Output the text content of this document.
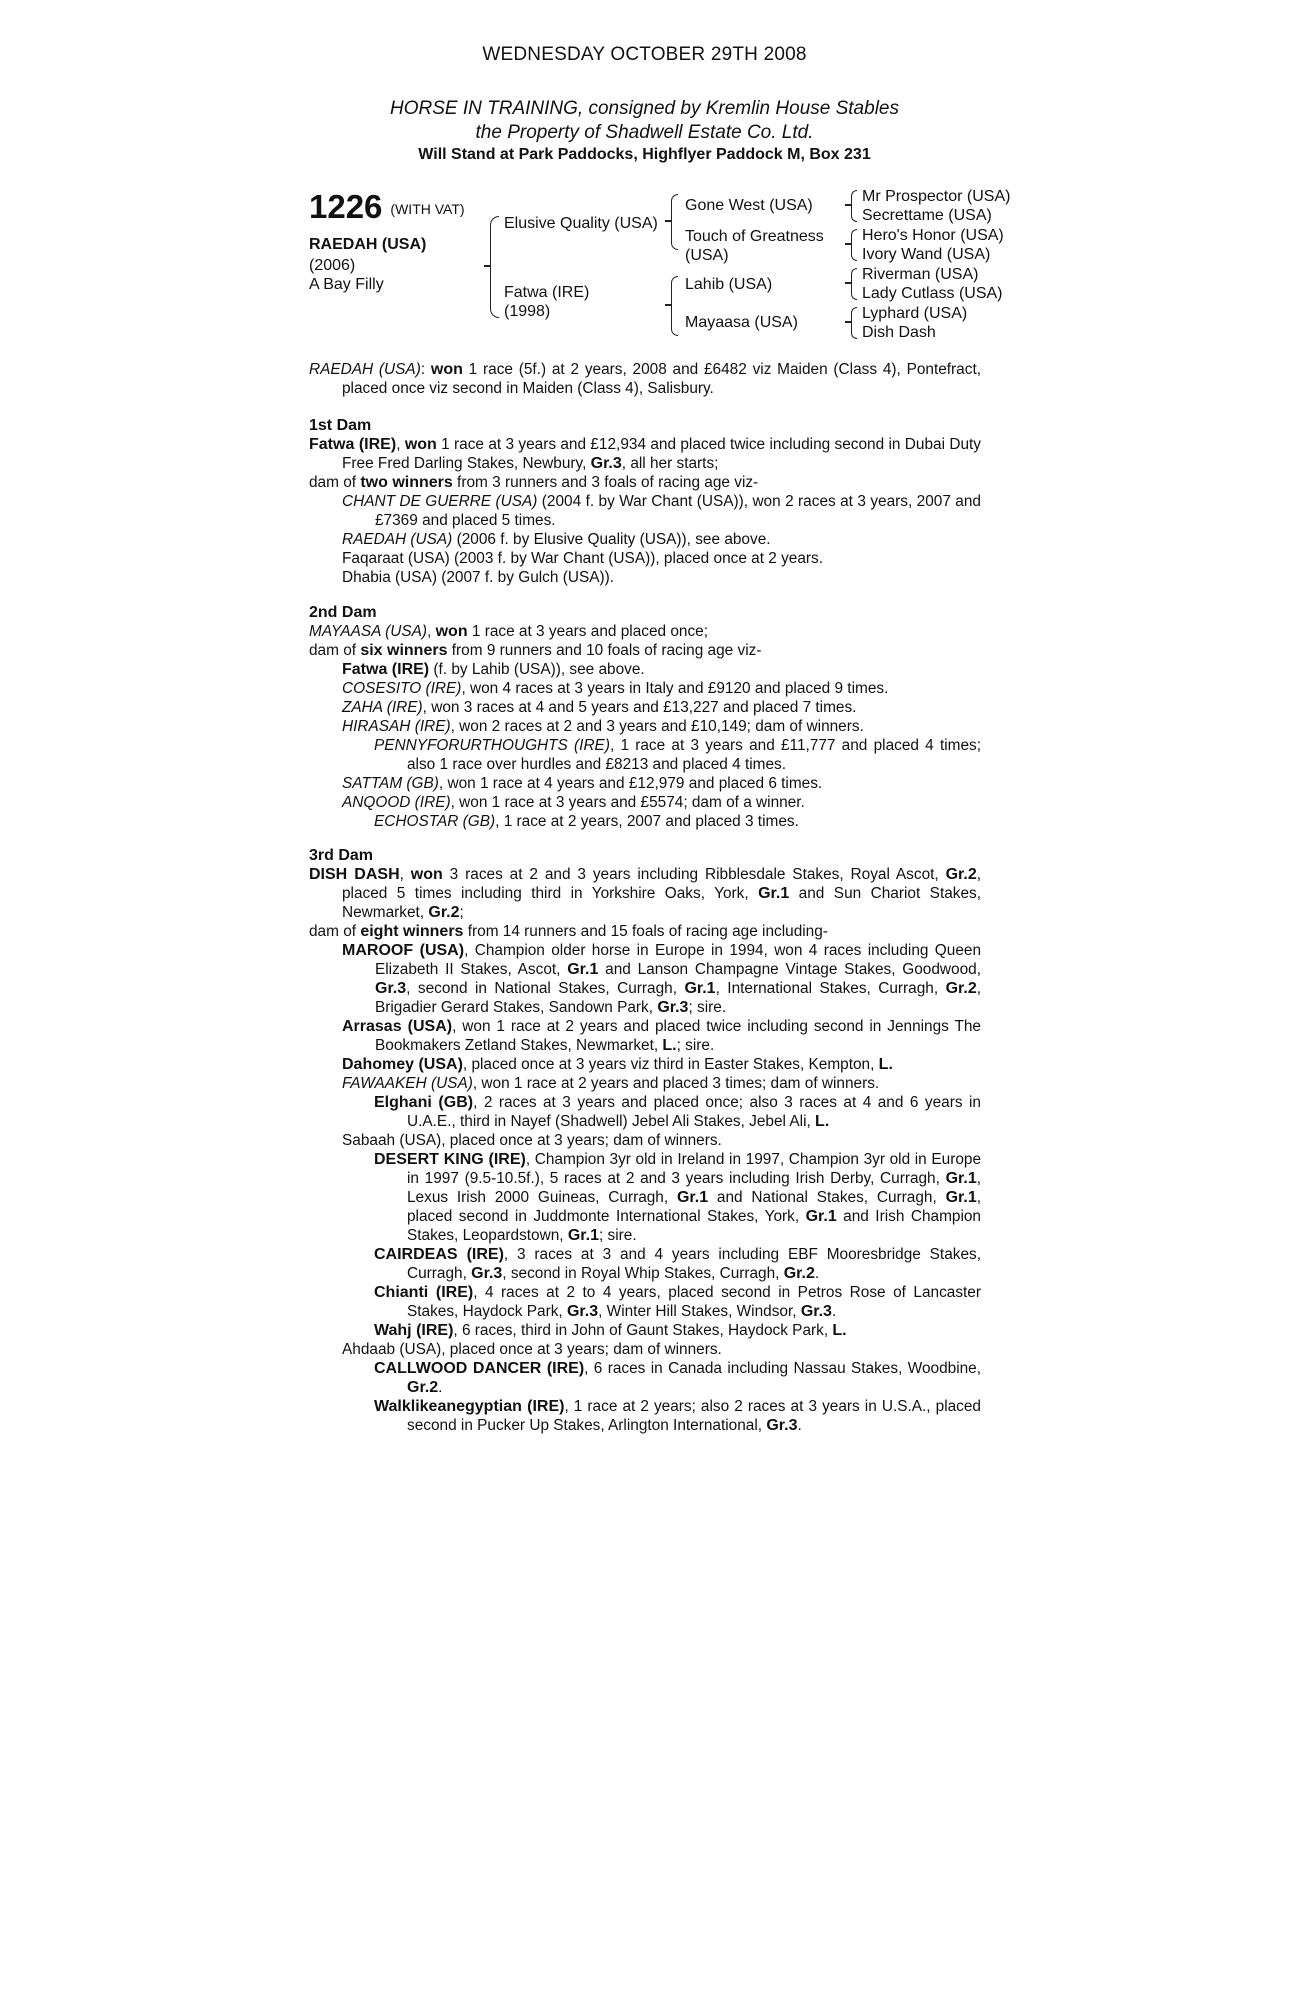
WEDNESDAY OCTOBER 29TH 2008
HORSE IN TRAINING, consigned by Kremlin House Stables
the Property of Shadwell Estate Co. Ltd.
Will Stand at Park Paddocks, Highflyer Paddock M, Box 231
1226 (WITH VAT)
RAEDAH (USA)
(2006)
A Bay Filly
Elusive Quality (USA)
Fatwa (IRE)
(1998)
Gone West (USA)
Touch of Greatness
(USA)
Lahib (USA)
Mayaasa (USA)
Mr Prospector (USA)
Secrettame (USA)
Hero's Honor (USA)
Ivory Wand (USA)
Riverman (USA)
Lady Cutlass (USA)
Lyphard (USA)
Dish Dash

RAEDAH (USA): won 1 race (5f.) at 2 years, 2008 and £6482 viz Maiden (Class 4), Pontefract, placed once viz second in Maiden (Class 4), Salisbury.

1st Dam

Fatwa (IRE), won 1 race at 3 years and £12,934 and placed twice including second in Dubai Duty Free Fred Darling Stakes, Newbury, Gr.3, all her starts;

dam of two winners from 3 runners and 3 foals of racing age viz-

CHANT DE GUERRE (USA) (2004 f. by War Chant (USA)), won 2 races at 3 years, 2007 and £7369 and placed 5 times.

RAEDAH (USA) (2006 f. by Elusive Quality (USA)), see above.

Faqaraat (USA) (2003 f. by War Chant (USA)), placed once at 2 years.

Dhabia (USA) (2007 f. by Gulch (USA)).

2nd Dam

MAYAASA (USA), won 1 race at 3 years and placed once;

dam of six winners from 9 runners and 10 foals of racing age viz-

Fatwa (IRE) (f. by Lahib (USA)), see above.

COSESITO (IRE), won 4 races at 3 years in Italy and £9120 and placed 9 times.

ZAHA (IRE), won 3 races at 4 and 5 years and £13,227 and placed 7 times.

HIRASAH (IRE), won 2 races at 2 and 3 years and £10,149; dam of winners.

PENNYFORURTHOUGHTS (IRE), 1 race at 3 years and £11,777 and placed 4 times; also 1 race over hurdles and £8213 and placed 4 times.

SATTAM (GB), won 1 race at 4 years and £12,979 and placed 6 times.

ANQOOD (IRE), won 1 race at 3 years and £5574; dam of a winner.

ECHOSTAR (GB), 1 race at 2 years, 2007 and placed 3 times.

3rd Dam

DISH DASH, won 3 races at 2 and 3 years including Ribblesdale Stakes, Royal Ascot, Gr.2, placed 5 times including third in Yorkshire Oaks, York, Gr.1 and Sun Chariot Stakes, Newmarket, Gr.2;

dam of eight winners from 14 runners and 15 foals of racing age including-

MAROOF (USA), Champion older horse in Europe in 1994, won 4 races including Queen Elizabeth II Stakes, Ascot, Gr.1 and Lanson Champagne Vintage Stakes, Goodwood, Gr.3, second in National Stakes, Curragh, Gr.1, International Stakes, Curragh, Gr.2, Brigadier Gerard Stakes, Sandown Park, Gr.3; sire.

Arrasas (USA), won 1 race at 2 years and placed twice including second in Jennings The Bookmakers Zetland Stakes, Newmarket, L.; sire.

Dahomey (USA), placed once at 3 years viz third in Easter Stakes, Kempton, L.

FAWAAKEH (USA), won 1 race at 2 years and placed 3 times; dam of winners.

Elghani (GB), 2 races at 3 years and placed once; also 3 races at 4 and 6 years in U.A.E., third in Nayef (Shadwell) Jebel Ali Stakes, Jebel Ali, L.

Sabaah (USA), placed once at 3 years; dam of winners.

DESERT KING (IRE), Champion 3yr old in Ireland in 1997, Champion 3yr old in Europe in 1997 (9.5-10.5f.), 5 races at 2 and 3 years including Irish Derby, Curragh, Gr.1, Lexus Irish 2000 Guineas, Curragh, Gr.1 and National Stakes, Curragh, Gr.1, placed second in Juddmonte International Stakes, York, Gr.1 and Irish Champion Stakes, Leopardstown, Gr.1; sire.

CAIRDEAS (IRE), 3 races at 3 and 4 years including EBF Mooresbridge Stakes, Curragh, Gr.3, second in Royal Whip Stakes, Curragh, Gr.2.

Chianti (IRE), 4 races at 2 to 4 years, placed second in Petros Rose of Lancaster Stakes, Haydock Park, Gr.3, Winter Hill Stakes, Windsor, Gr.3.

Wahj (IRE), 6 races, third in John of Gaunt Stakes, Haydock Park, L.

Ahdaab (USA), placed once at 3 years; dam of winners.

CALLWOOD DANCER (IRE), 6 races in Canada including Nassau Stakes, Woodbine, Gr.2.

Walklikeanegyptian (IRE), 1 race at 2 years; also 2 races at 3 years in U.S.A., placed second in Pucker Up Stakes, Arlington International, Gr.3.
